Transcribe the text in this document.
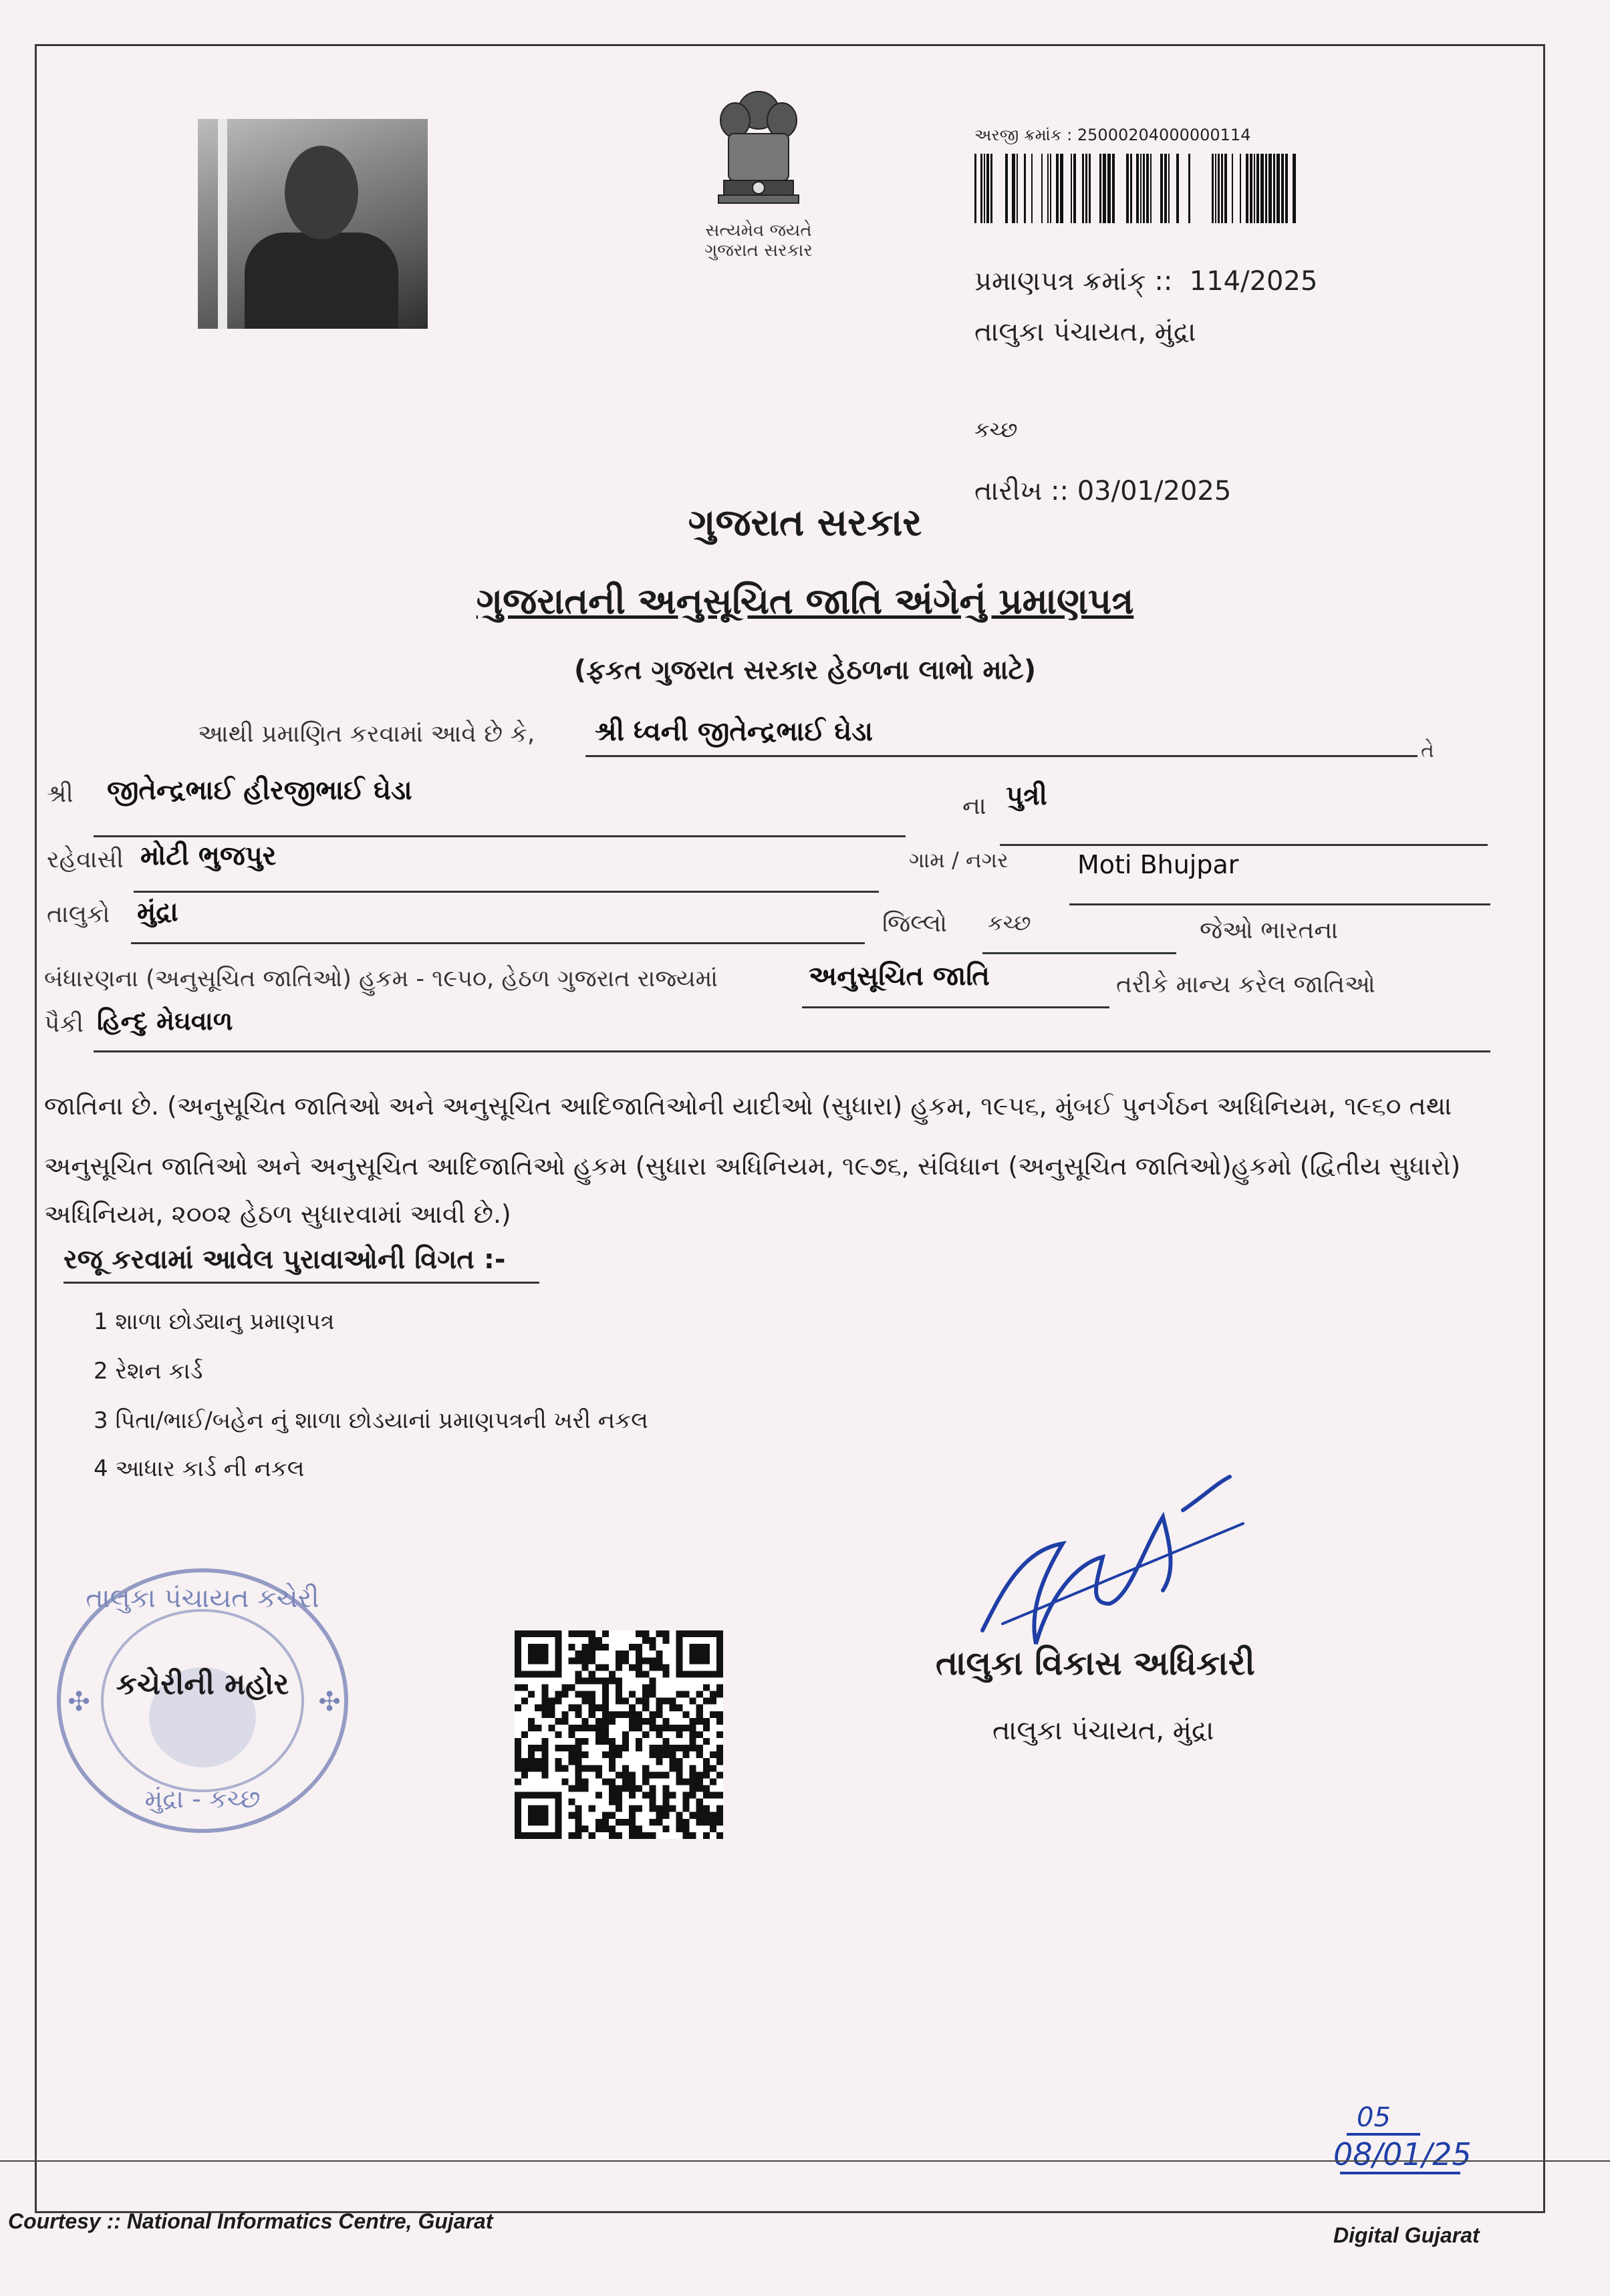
સત્યમેવ જયતે
ગુજરાત સરકાર
અરજી ક્રમાંક : 25000204000000114
પ્રમાણપત્ર ક્રમાંક્ :: 114/2025
તાલુકા પંચાયત, મુંદ્રા
કચ્છ
તારીખ :: 03/01/2025
ગુજરાત સરકાર
ગુજરાતની અનુસૂચિત જાતિ અંગેનું પ્રમાણપત્ર
(ફકત ગુજરાત સરકાર હેઠળના લાભો માટે)
આથી પ્રમાણિત કરવામાં આવે છે કે, શ્રી ધ્વની જીતેન્દ્રભાઈ ઘેડા
તે
શ્રી જીતેન્દ્રભાઈ હીરજીભાઈ ઘેડા
ના પુત્રી
રહેવાસી મોટી ભુજપુર	ગામ / નગર	Moti Bhujpar
તાલુકો મુંદ્રા	જિલ્લો કચ્છ	જેઓ ભારતના
બંધારણના (અનુસૂચિત જાતિઓ) હુકમ - ૧૯૫૦, હેઠળ ગુજરાત રાજ્યમાં	અનુસૂચિત જાતિ	તરીકે માન્ય કરેલ જાતિઓ
પૈકી હિન્દુ મેઘવાળ
જાતિના છે. (અનુસૂચિત જાતિઓ અને અનુસૂચિત આદિજાતિઓની યાદીઓ (સુધારા) હુકમ, ૧૯૫૬, મુંબઈ પુનર્ગઠન અધિનિયમ, ૧૯૬૦ તથા
અનુસૂચિત જાતિઓ અને અનુસૂચિત આદિજાતિઓ હુકમ (સુધારા અધિનિયમ, ૧૯૭૬, સંવિધાન (અનુસૂચિત જાતિઓ)હુકમો (દ્વિતીય સુધારો)
અધિનિયમ, ૨૦૦૨ હેઠળ સુધારવામાં આવી છે.)
રજૂ કરવામાં આવેલ પુરાવાઓની વિગત :-
1 શાળા છોડ્યાનુ પ્રમાણપત્ર
2 રેશન કાર્ડ
3 પિતા/ભાઈ/બહેન નું શાળા છોડયાનાં પ્રમાણપત્રની ખરી નકલ
4 આધાર કાર્ડ ની નકલ
તાલુકા પંચાયત કચેરી
કચેરીની મહોર
મુંદ્રા - કચ્છ
✣	✣
તાલુકા વિકાસ અધિકારી
તાલુકા પંચાયત, મુંદ્રા
05
08/01/25
Courtesy :: National Informatics Centre, Gujarat
Digital Gujarat
